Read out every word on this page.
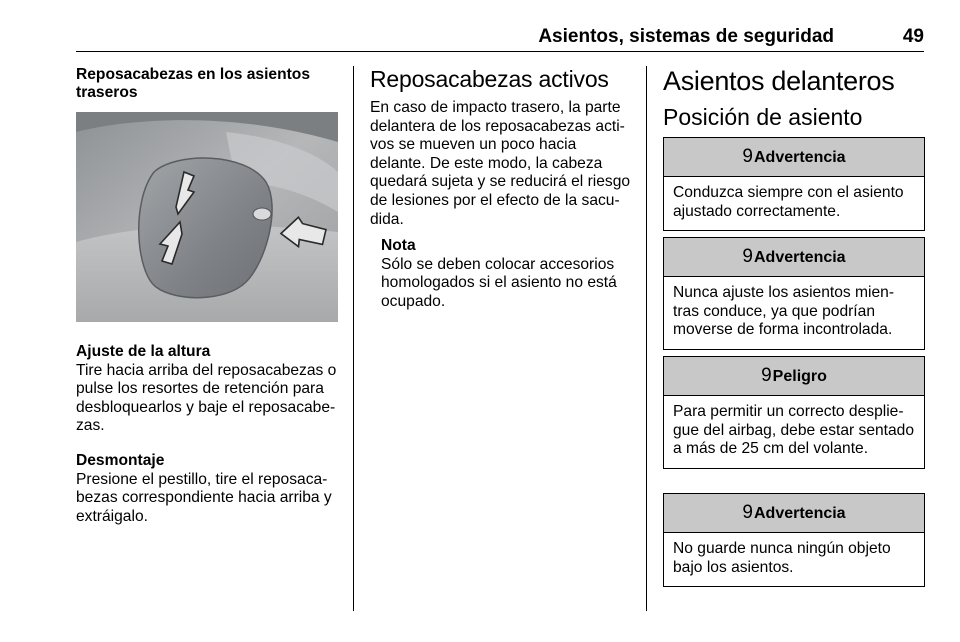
Asientos, sistemas de seguridad	49

Reposacabezas en los asientos traseros

Ajuste de la altura

Tire hacia arriba del reposacabezas o pulse los resortes de retención para desbloquearlos y baje el reposacabe- zas.

Desmontaje

Presione el pestillo, tire el reposaca- bezas correspondiente hacia arriba y extráigalo.

Reposacabezas activos

En caso de impacto trasero, la parte delantera de los reposacabezas acti- vos se mueven un poco hacia delante. De este modo, la cabeza quedará sujeta y se reducirá el riesgo de lesiones por el efecto de la sacu- dida.

Nota

Sólo se deben colocar accesorios homologados si el asiento no está ocupado.

Asientos delanteros
Posición de asiento
9Advertencia
Conduzca siempre con el asiento ajustado correctamente.
9Advertencia
Nunca ajuste los asientos mien- tras conduce, ya que podrían moverse de forma incontrolada.
9Peligro
Para permitir un correcto desplie- gue del airbag, debe estar sentado a más de 25 cm del volante.
9Advertencia
No guarde nunca ningún objeto bajo los asientos.
